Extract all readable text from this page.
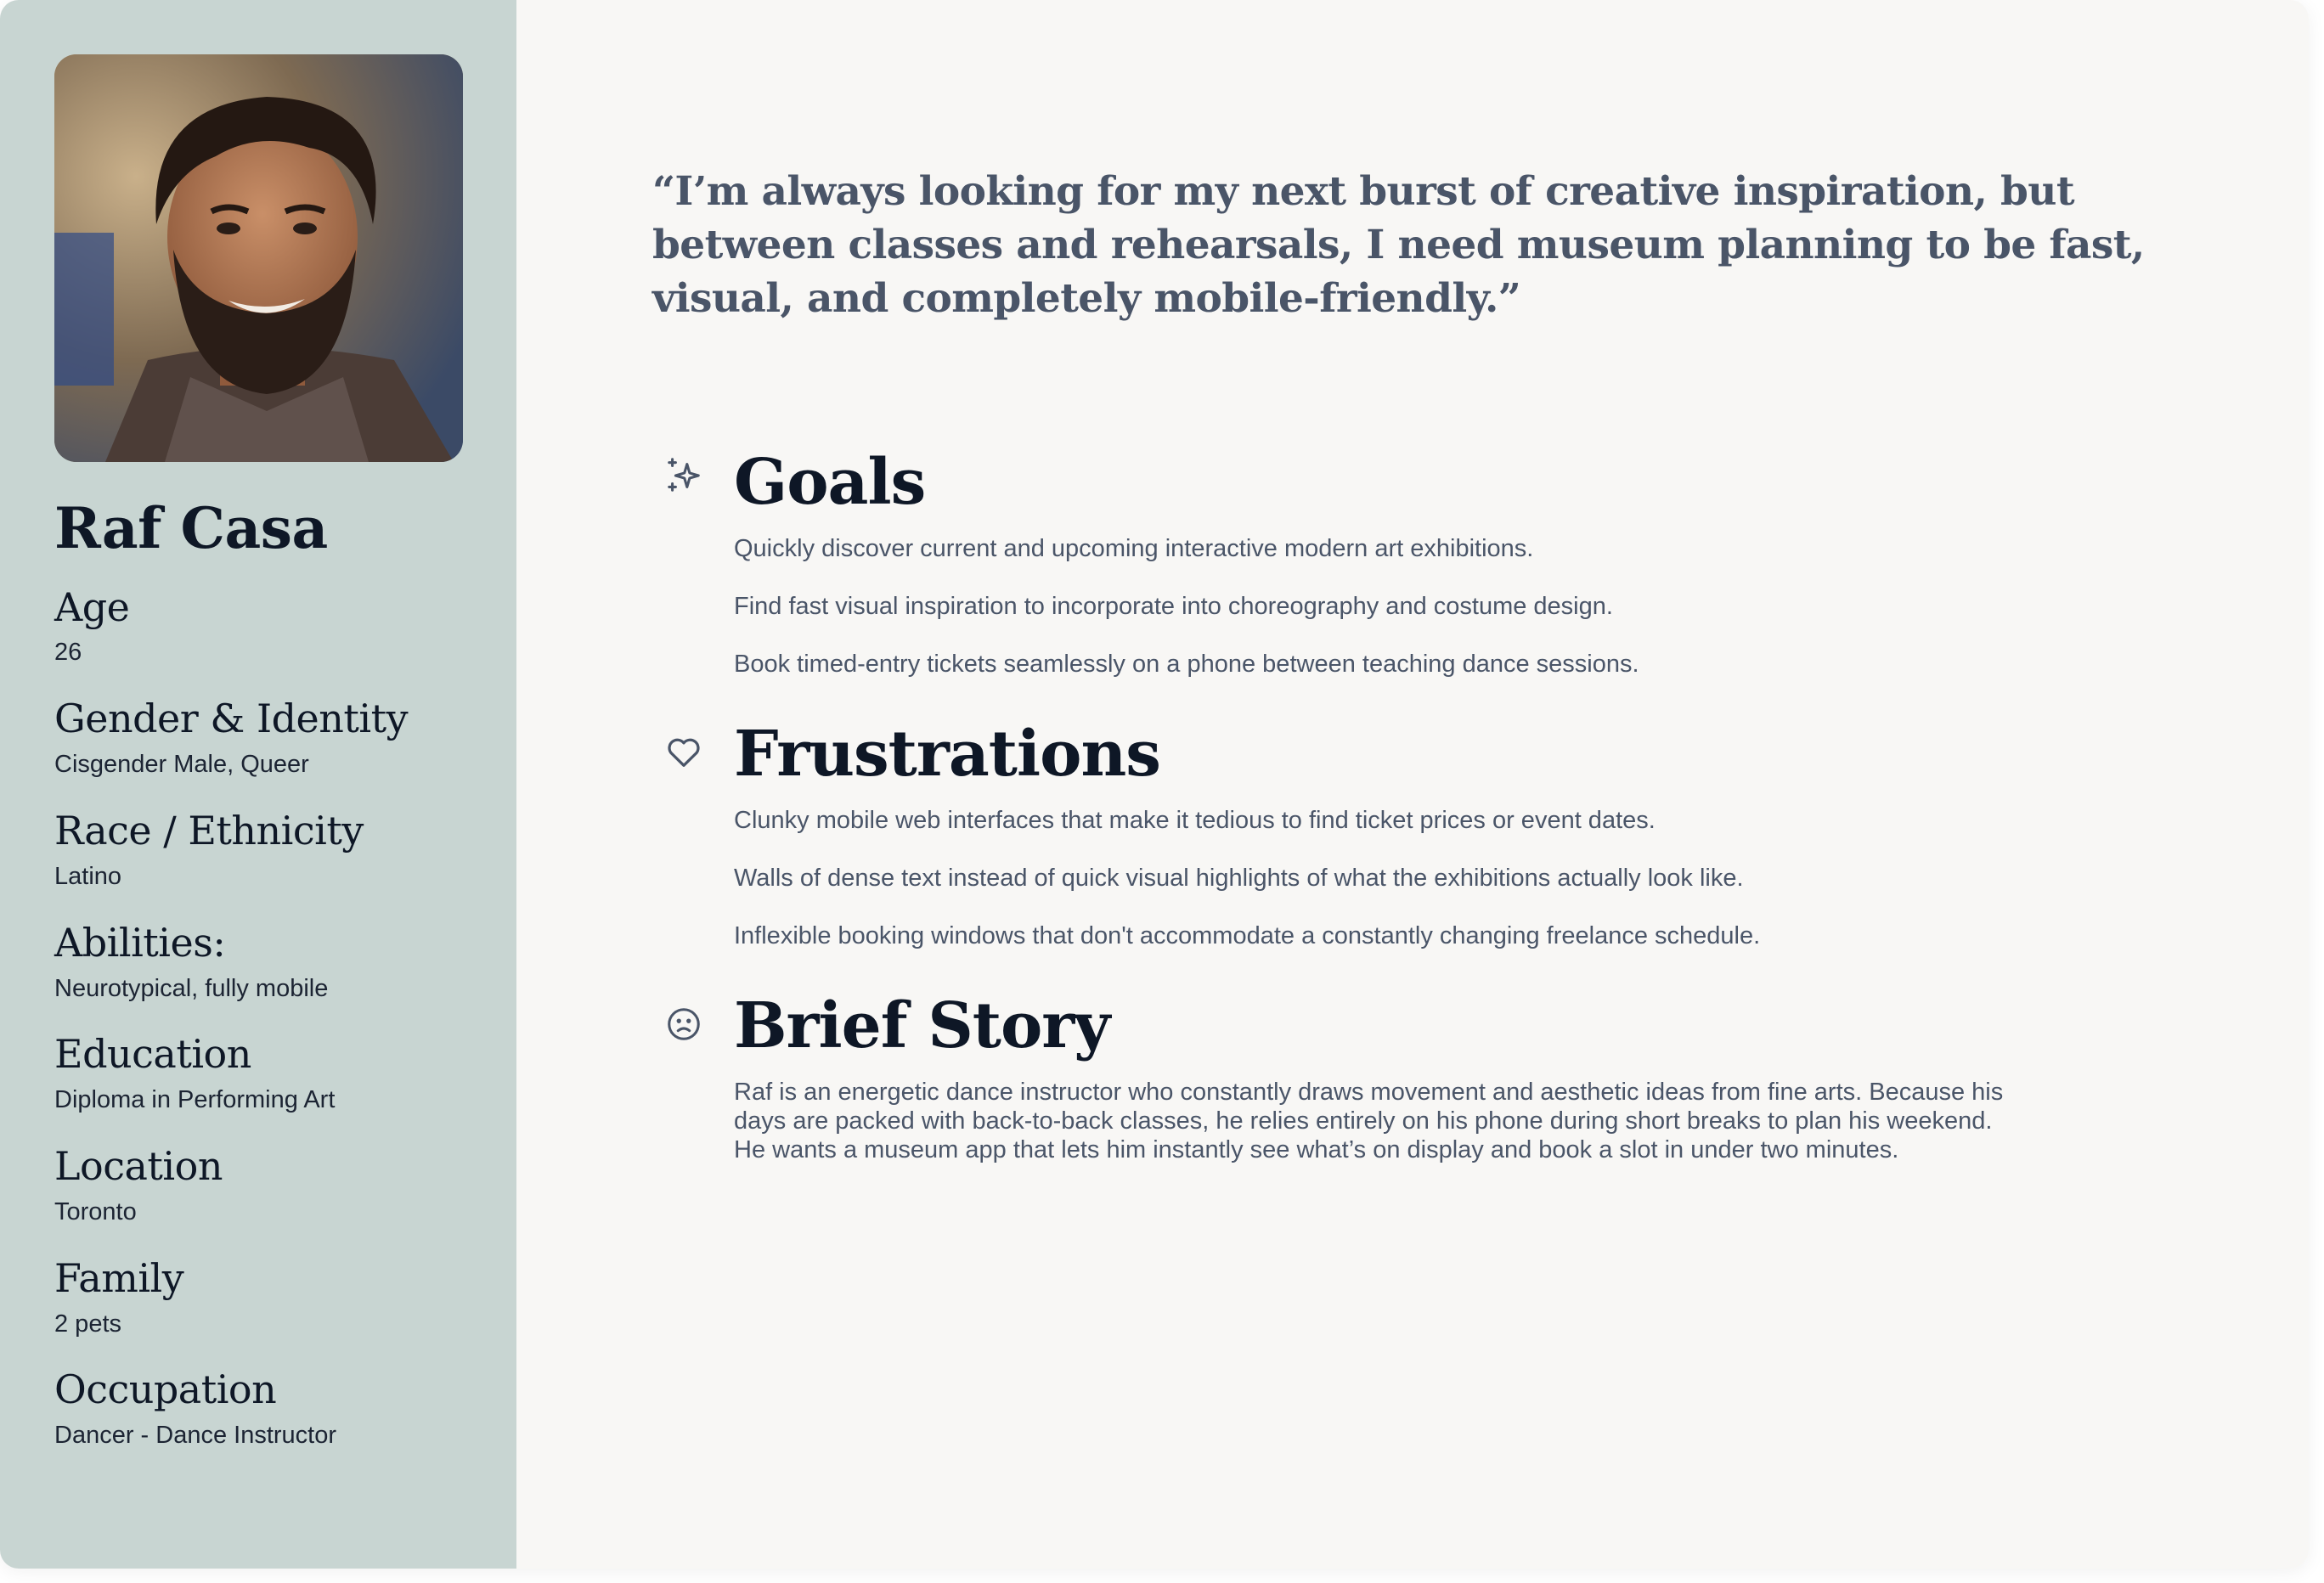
Raf Casa
Age
26
Gender & Identity
Cisgender Male, Queer
Race / Ethnicity
Latino
Abilities:
Neurotypical, fully mobile
Education
Diploma in Performing Art
Location
Toronto
Family
2 pets
Occupation
Dancer - Dance Instructor

“I’m always looking for my next burst of creative inspiration, but between classes and rehearsals, I need museum planning to be fast, visual, and completely mobile-friendly.”

Goals

Quickly discover current and upcoming interactive modern art exhibitions.

Find fast visual inspiration to incorporate into choreography and costume design.

Book timed-entry tickets seamlessly on a phone between teaching dance sessions.

Frustrations

Clunky mobile web interfaces that make it tedious to find ticket prices or event dates.

Walls of dense text instead of quick visual highlights of what the exhibitions actually look like.

Inflexible booking windows that don't accommodate a constantly changing freelance schedule.

Brief Story

Raf is an energetic dance instructor who constantly draws movement and aesthetic ideas from fine arts. Because his days are packed with back-to-back classes, he relies entirely on his phone during short breaks to plan his weekend. He wants a museum app that lets him instantly see what’s on display and book a slot in under two minutes.
